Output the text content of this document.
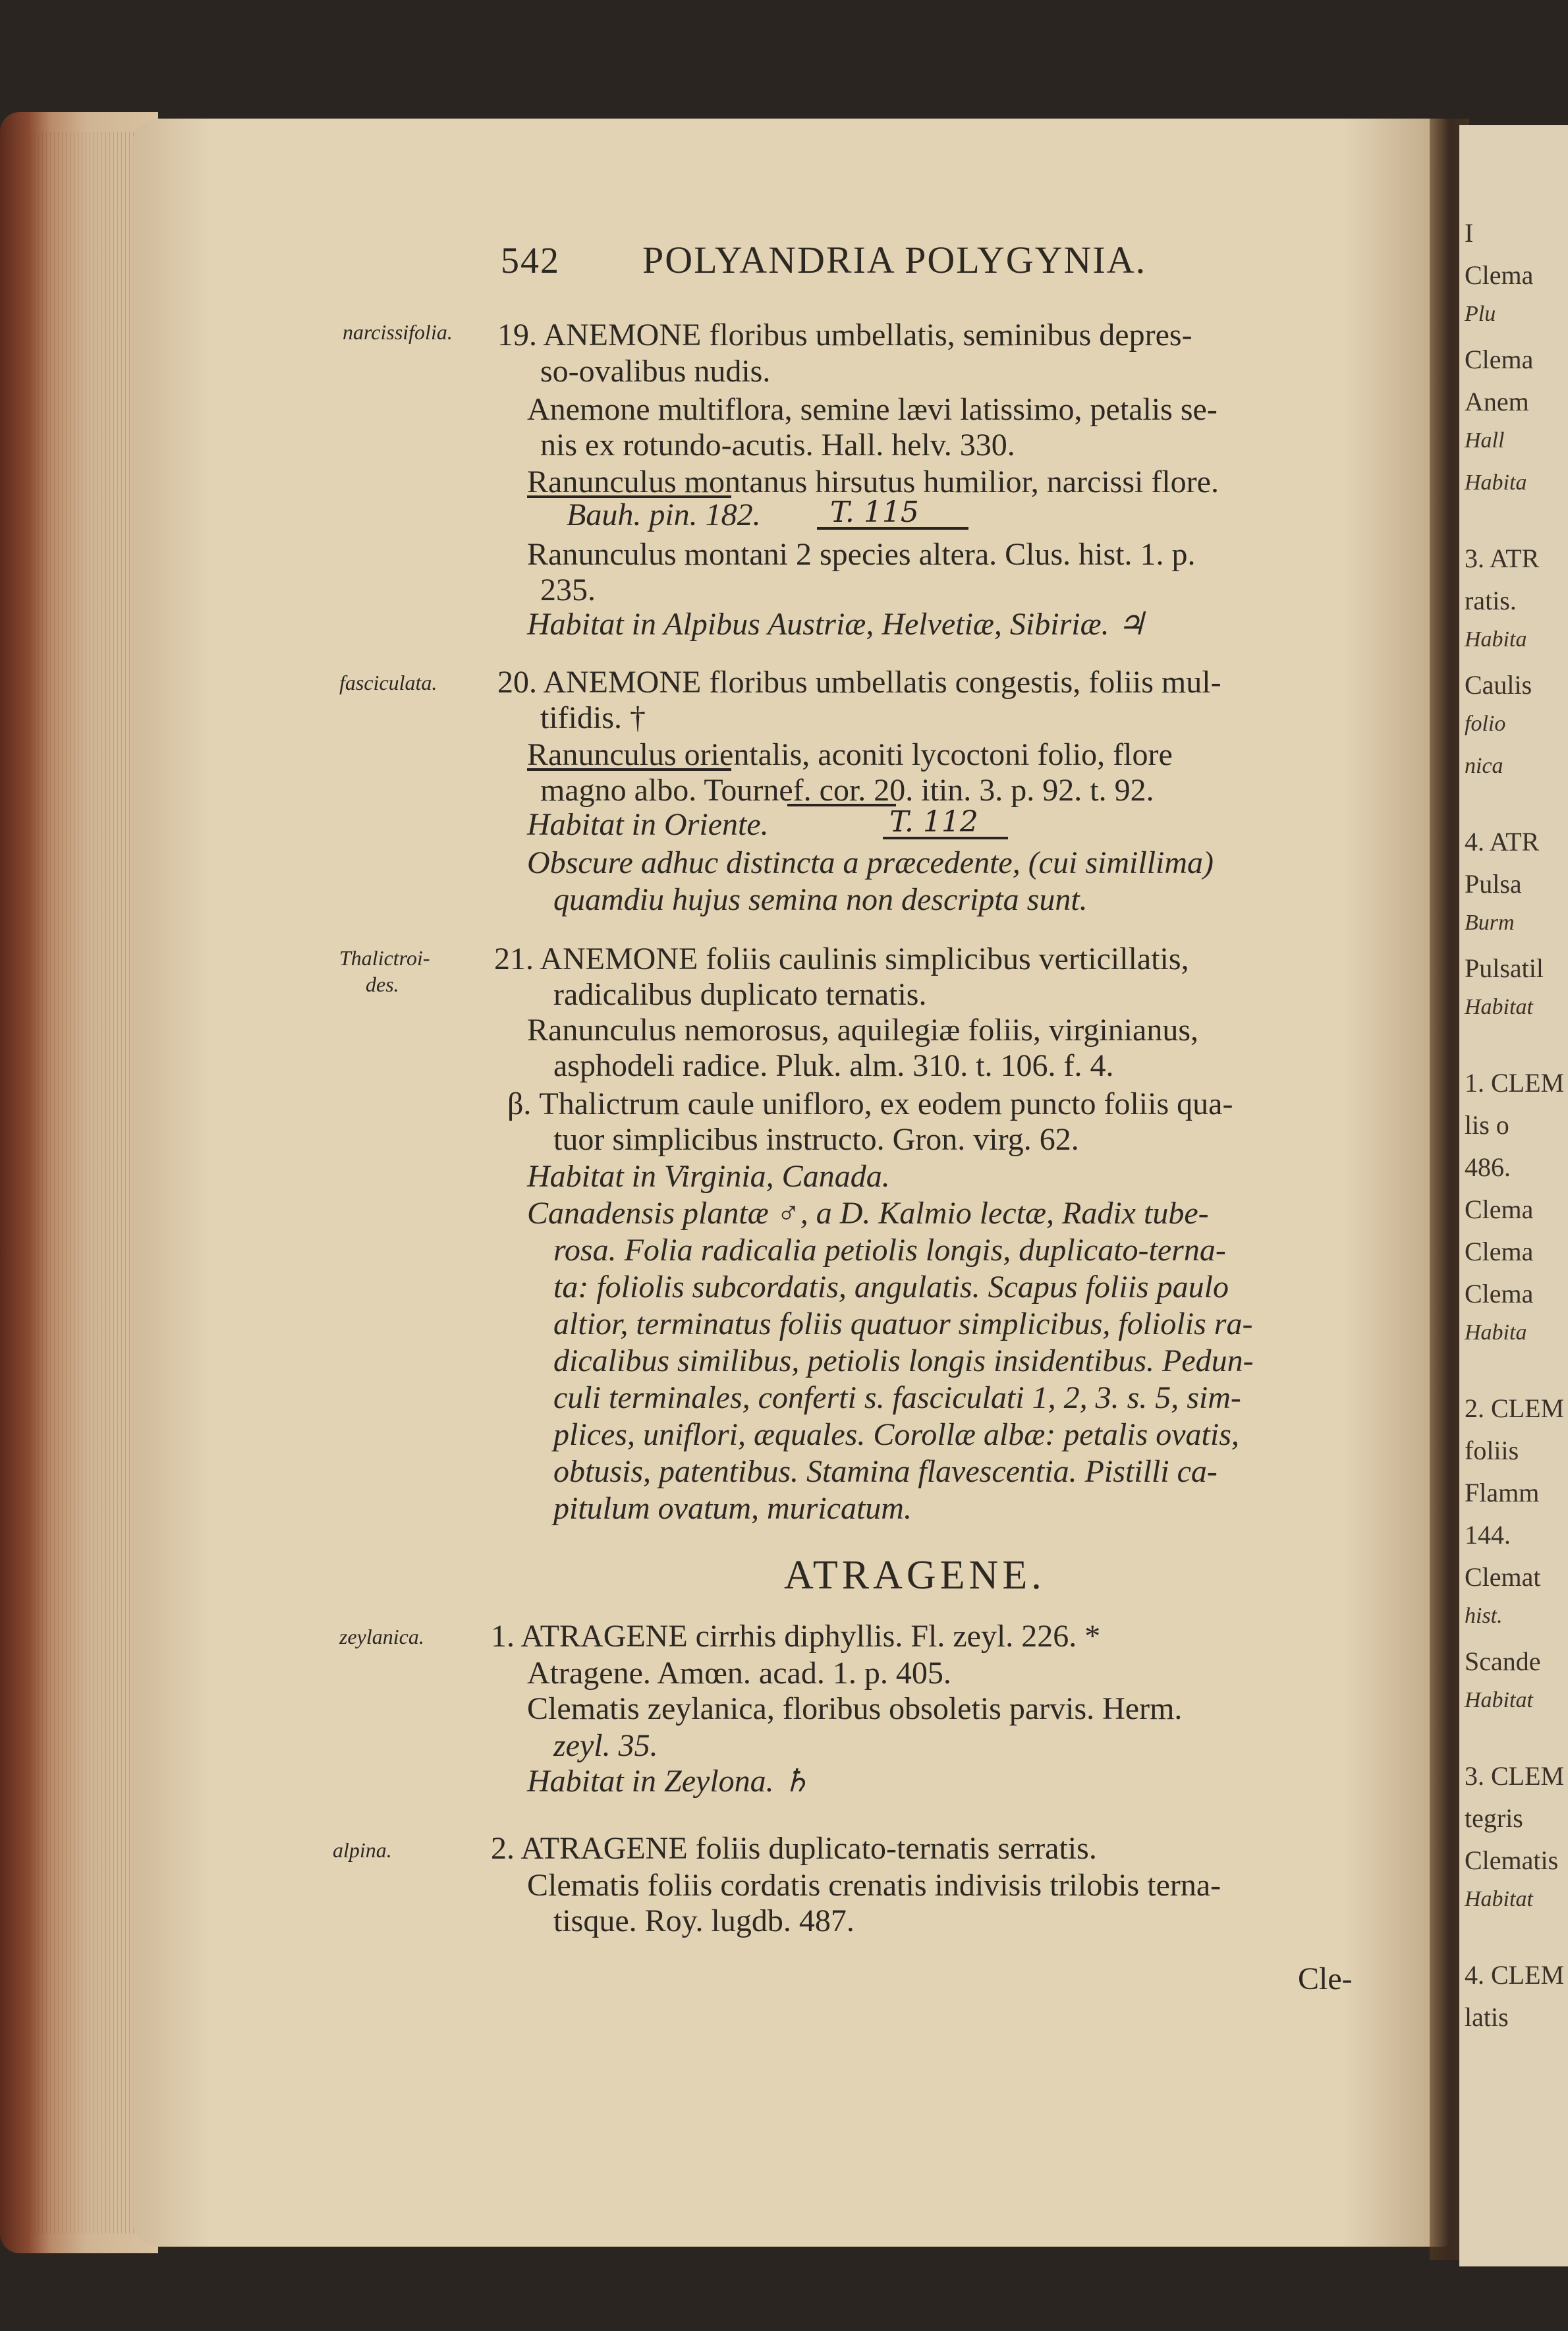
I
Clema
Plu
Clema
Anem
Hall
Habita
3. ATR
ratis.
Habita
Caulis
folio
nica
4. ATR
Pulsa
Burm
Pulsatil
Habitat
1. CLEM
lis o
486.
Clema
Clema
Clema
Habita
2. CLEM
foliis
Flamm
144.
Clemat
hist.
Scande
Habitat
3. CLEM
tegris
Clematis
Habitat
4. CLEM
latis
542 POLYANDRIA POLYGYNIA.
narcissifolia.
fasciculata.
Thalictroi-
des.
zeylanica.
alpina.
19. ANEMONE floribus umbellatis, seminibus depres-
so-ovalibus nudis.
Anemone multiflora, semine lævi latissimo, petalis se-
nis ex rotundo-acutis. Hall. helv. 330.
Ranunculus montanus hirsutus humilior, narcissi flore.
Bauh. pin. 182. T. 115
Ranunculus montani 2 species altera. Clus. hist. 1. p.
235.
Habitat in Alpibus Austriæ, Helvetiæ, Sibiriæ. ♃
20. ANEMONE floribus umbellatis congestis, foliis mul-
tifidis. †
Ranunculus orientalis, aconiti lycoctoni folio, flore
magno albo. Tournef. cor. 20. itin. 3. p. 92. t. 92.
Habitat in Oriente.	T. 112
Obscure adhuc distincta a præcedente, (cui simillima)
quamdiu hujus semina non descripta sunt.
21. ANEMONE foliis caulinis simplicibus verticillatis,
radicalibus duplicato ternatis.
Ranunculus nemorosus, aquilegiæ foliis, virginianus,
asphodeli radice. Pluk. alm. 310. t. 106. f. 4.
β. Thalictrum caule unifloro, ex eodem puncto foliis qua-
tuor simplicibus instructo. Gron. virg. 62.
Habitat in Virginia, Canada.
Canadensis plantæ ♂, a D. Kalmio lectæ, Radix tube-
rosa. Folia radicalia petiolis longis, duplicato-terna-
ta: foliolis subcordatis, angulatis. Scapus foliis paulo
altior, terminatus foliis quatuor simplicibus, foliolis ra-
dicalibus similibus, petiolis longis insidentibus. Pedun-
culi terminales, conferti s. fasciculati 1, 2, 3. s. 5, sim-
plices, uniflori, æquales. Corollæ albæ: petalis ovatis,
obtusis, patentibus. Stamina flavescentia. Pistilli ca-
pitulum ovatum, muricatum.
ATRAGENE.
1. ATRAGENE cirrhis diphyllis. Fl. zeyl. 226. *
Atragene. Amœn. acad. 1. p. 405.
Clematis zeylanica, floribus obsoletis parvis. Herm.
zeyl. 35.
Habitat in Zeylona. ♄
2. ATRAGENE foliis duplicato-ternatis serratis.
Clematis foliis cordatis crenatis indivisis trilobis terna-
tisque. Roy. lugdb. 487.
Cle-
